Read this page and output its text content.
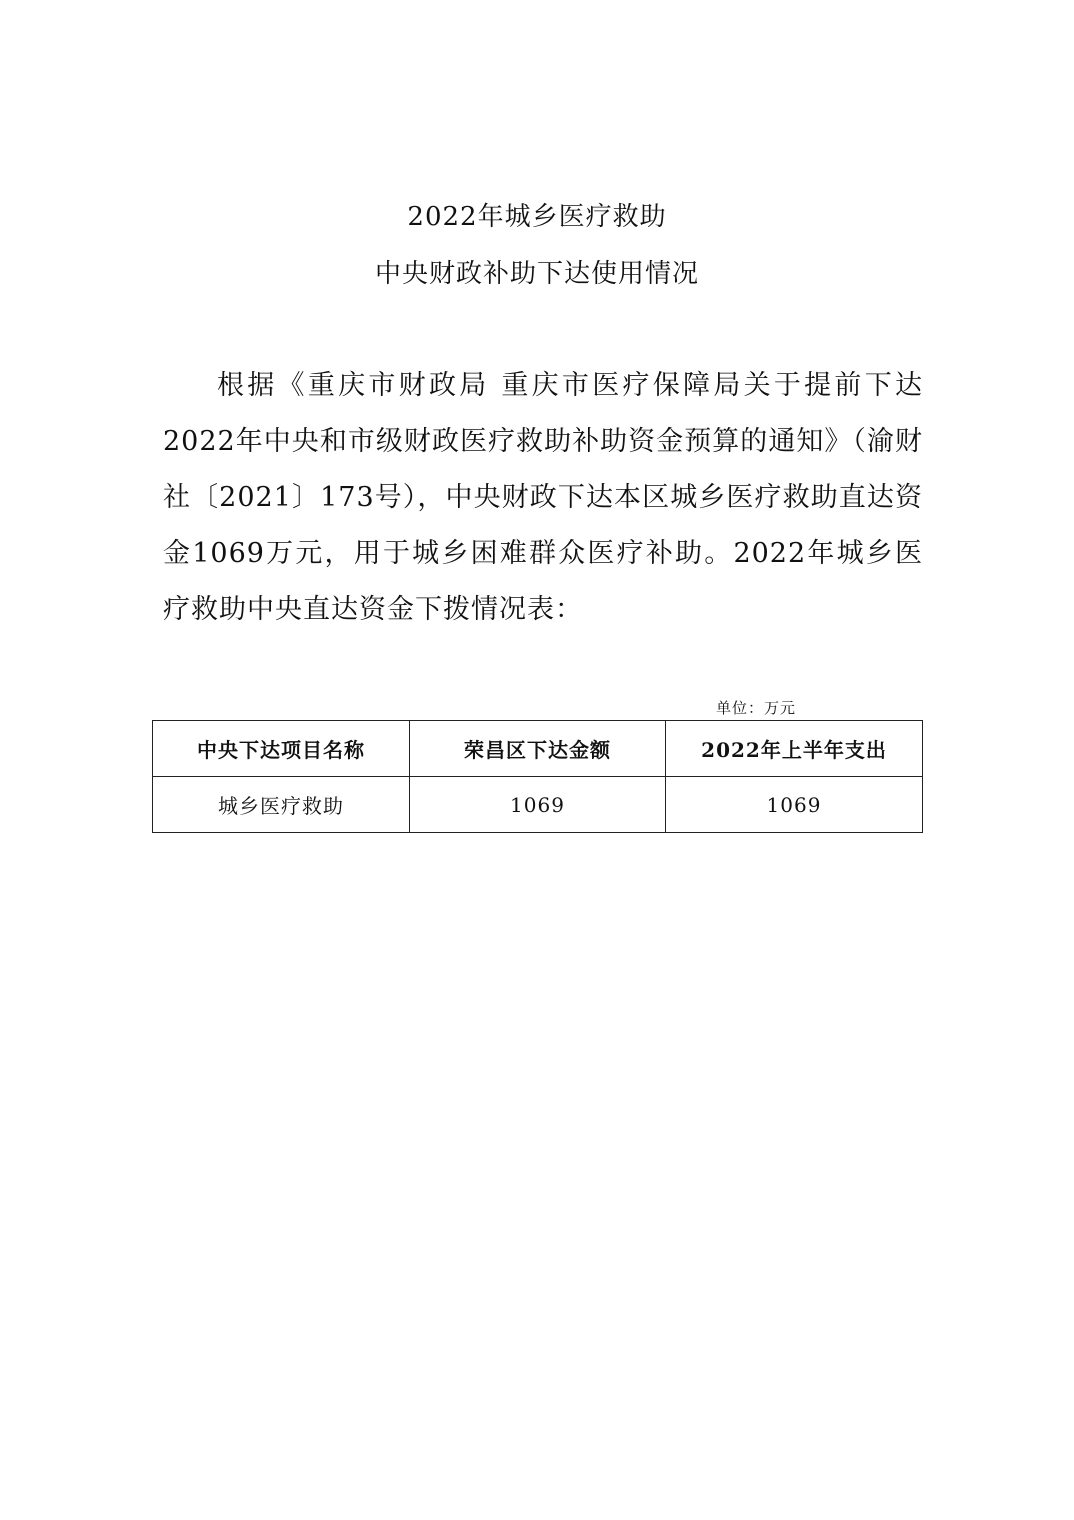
2022年城乡医疗救助
中央财政补助下达使用情况

根据《重庆市财政局 重庆市医疗保障局关于提前下达2022年中央和市级财政医疗救助补助资金预算的通知》（渝财社〔2021〕173号），中央财政下达本区城乡医疗救助直达资金1069万元，用于城乡困难群众医疗补助。2022年城乡医疗救助中央直达资金下拨情况表：

单位：万元
中央下达项目名称	荣昌区下达金额	2022年上半年支出
城乡医疗救助	1069	1069
